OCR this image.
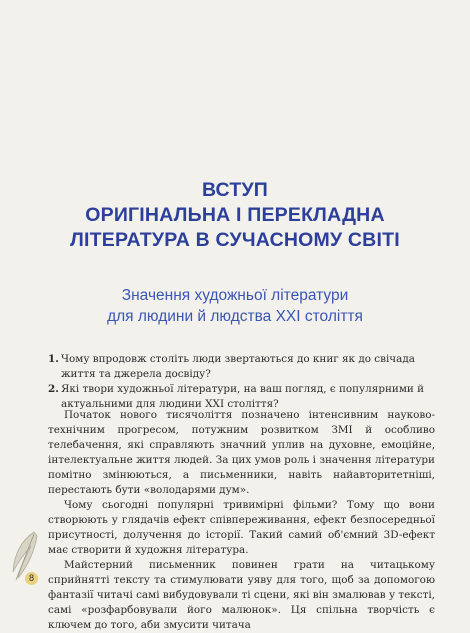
ВСТУП

ОРИГІНАЛЬНА І ПЕРЕКЛАДНА

ЛІТЕРАТУРА В СУЧАСНОМУ СВІТІ

Значення художньої літератури

для людини й людства XXI століття

1. Чому впродовж століть люди звертаються до книг як до свічада життя та джерела досвіду?
2. Які твори художньої літератури, на ваш погляд, є популярними й актуальними для людини XXI століття?

Початок нового тисячоліття позначено інтенсивним науково-технічним прогресом, потужним розвитком ЗМІ й особливо телебачення, які справляють значний уплив на духовне, емоційне, інтелектуальне життя людей. За цих умов роль і значення літератури помітно змінюються, а письменники, навіть найавторитетніші, перестають бути «володарями дум».

Чому сьогодні популярні тривимірні фільми? Тому що вони створюють у глядачів ефект співпереживання, ефект безпосередньої присутності, долучення до історії. Такий самий об'ємний 3D-ефект має створити й художня література.

Майстерний письменник повинен грати на читацькому сприйнятті тексту та стимулювати уяву для того, щоб за допомогою фантазії читачі самі вибудовували ті сцени, які він змалював у тексті, самі «розфарбовували його малюнок». Ця спільна творчість є ключем до того, аби змусити читача

8
